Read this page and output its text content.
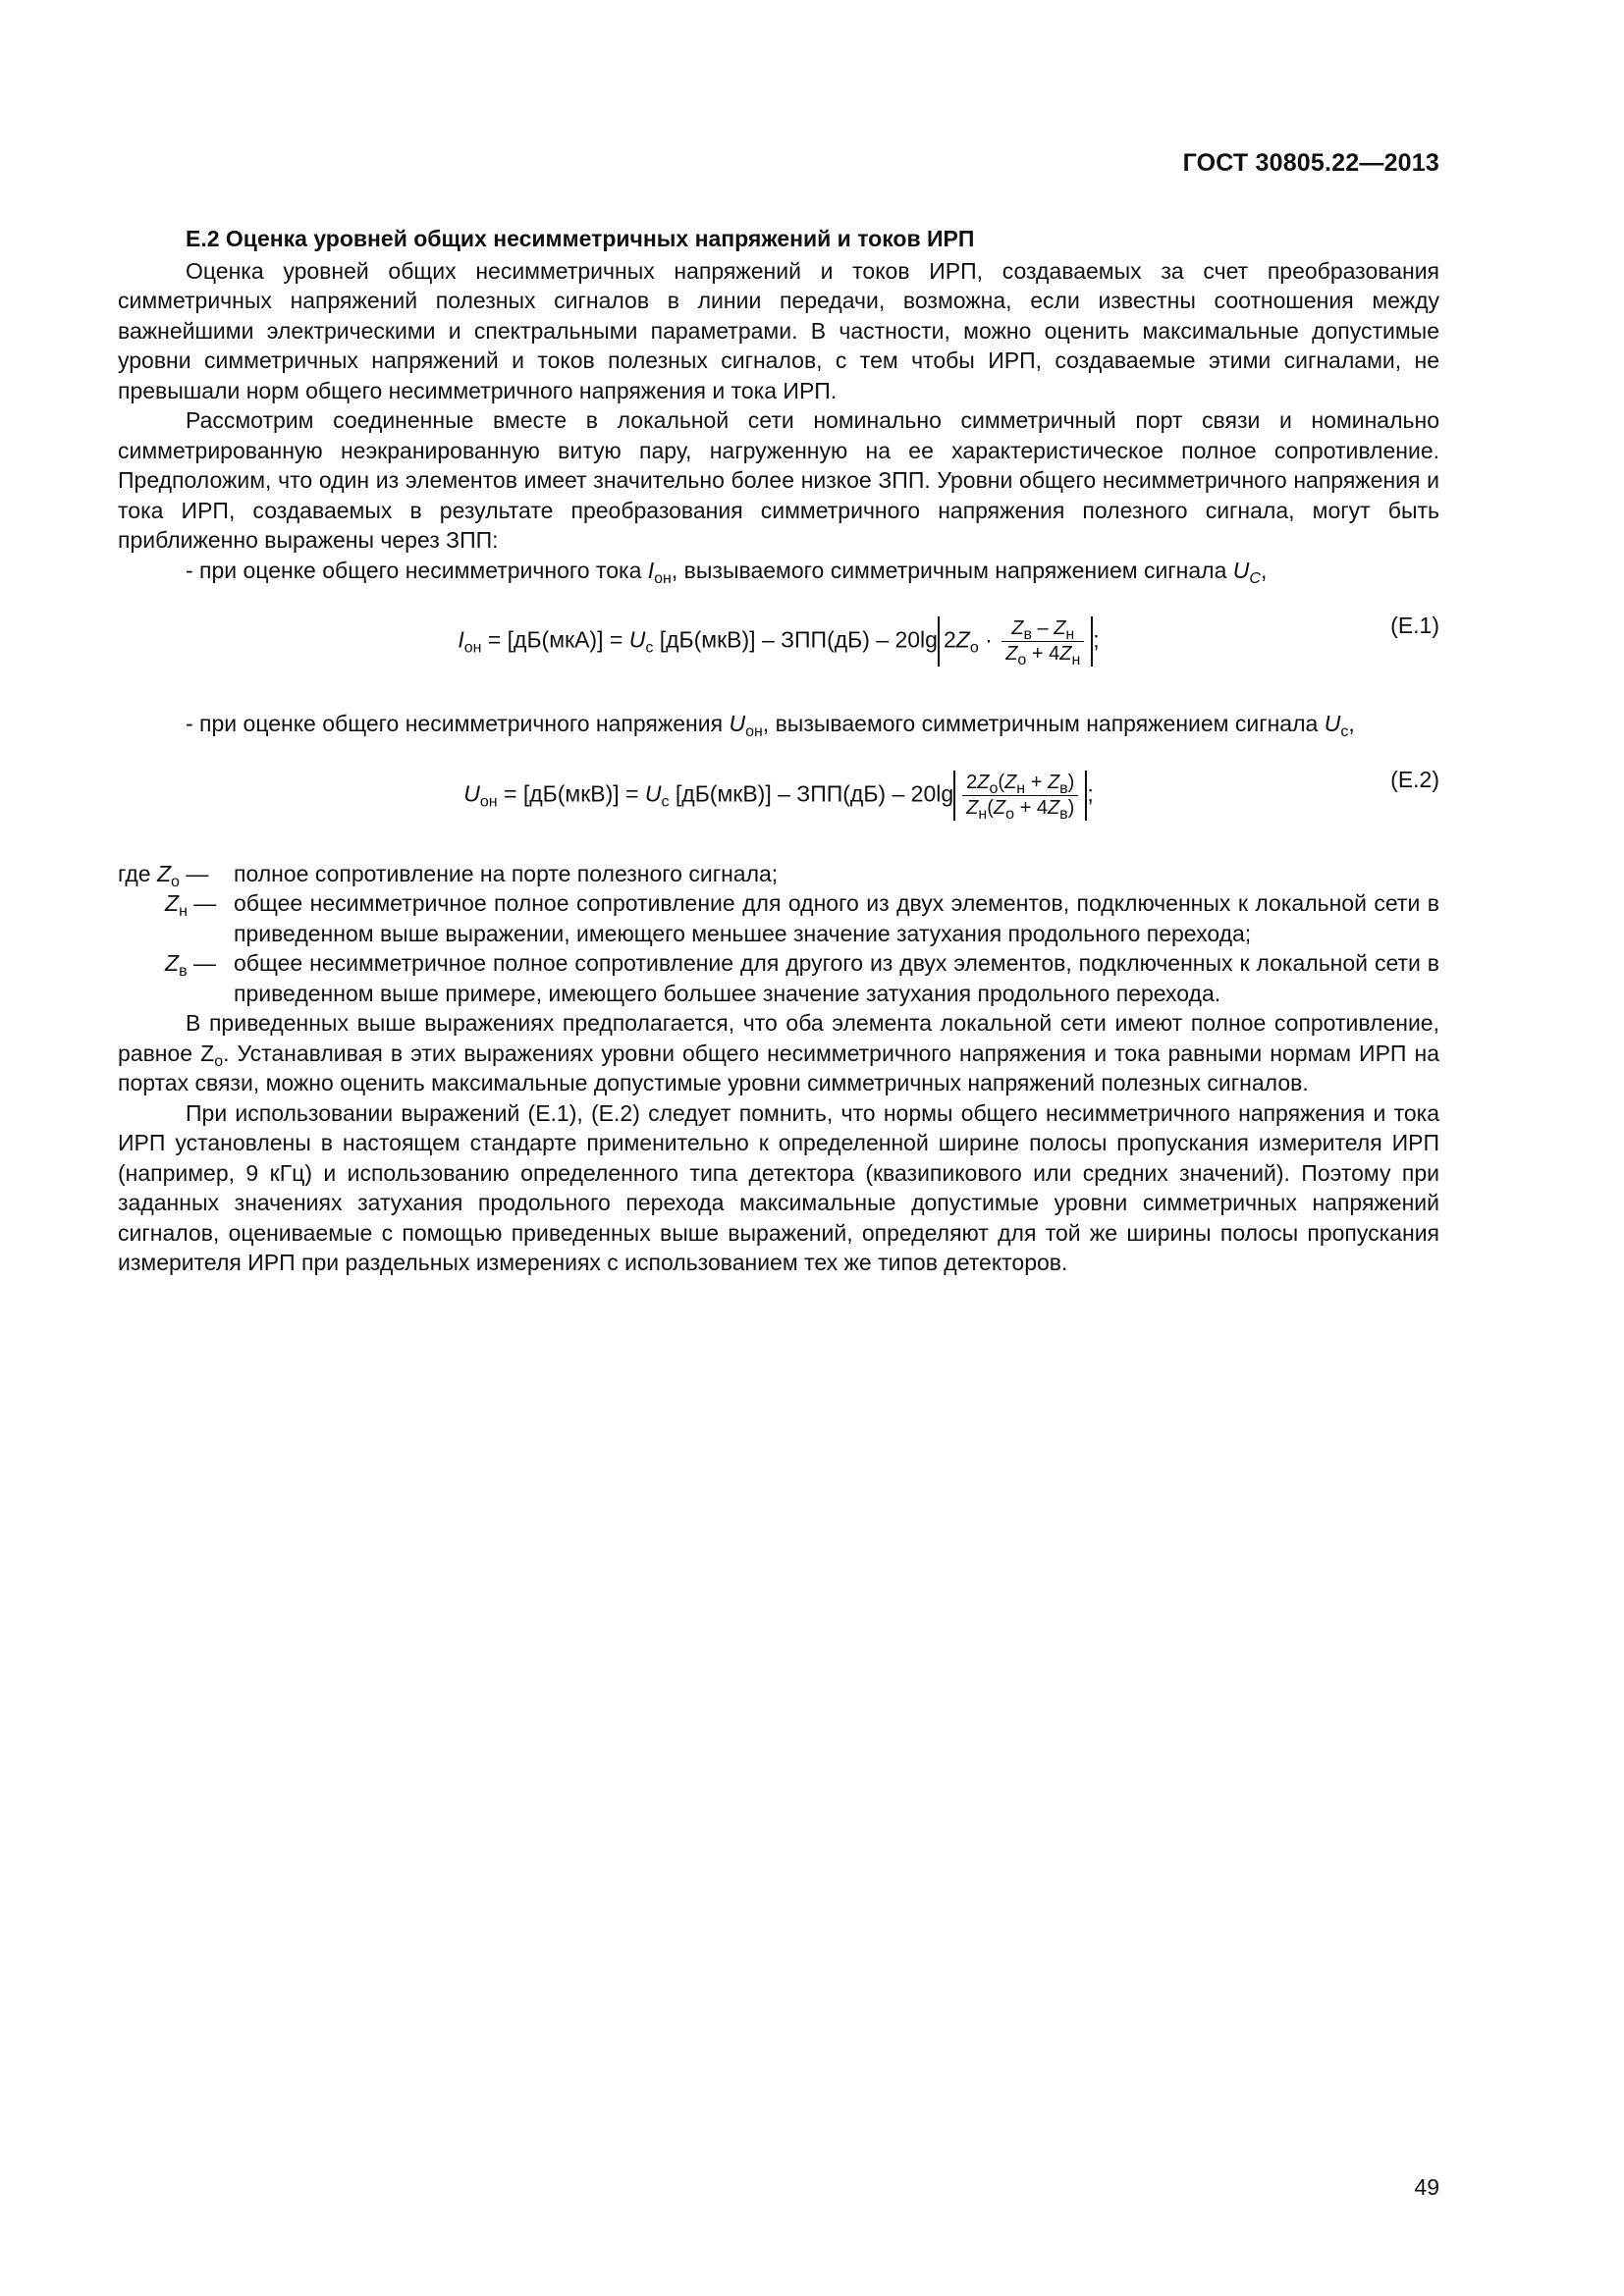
ГОСТ 30805.22—2013

Е.2 Оценка уровней общих несимметричных напряжений и токов ИРП

Оценка уровней общих несимметричных напряжений и токов ИРП, создаваемых за счет преобразования симметричных напряжений полезных сигналов в линии передачи, возможна, если известны соотношения между важнейшими электрическими и спектральными параметрами. В частности, можно оценить максимальные допустимые уровни симметричных напряжений и токов полезных сигналов, с тем чтобы ИРП, создаваемые этими сигналами, не превышали норм общего несимметричного напряжения и тока ИРП.

Рассмотрим соединенные вместе в локальной сети номинально симметричный порт связи и номинально симметрированную неэкранированную витую пару, нагруженную на ее характеристическое полное сопротивление. Предположим, что один из элементов имеет значительно более низкое ЗПП. Уровни общего несимметричного напряжения и тока ИРП, создаваемых в результате преобразования симметричного напряжения полезного сигнала, могут быть приближенно выражены через ЗПП:

- при оценке общего несимметричного тока $I_{он}$, вызываемого симметричным напряжением сигнала $U_С$,

$I_{он} = [дБ(мкА)] = U_c$ [дБ(мкВ)] – ЗПП(дБ) – 20lg $2Z_о \cdot \frac{Z_в - Z_н}{Z_о + 4Z_н}$ ;
(Е.1)

- при оценке общего несимметричного напряжения $U_{он}$, вызываемого симметричным напряжением сигнала $U_c$,

$U_{он} = [дБ(мкВ)] = U_c$ $[дБ(мкВ)] - ЗПП(дБ) - 20\lg \frac{2Z_о(Z_н + Z_в)}{Z_н(Z_о + 4Z_в)}$ ;
(Е.2)

где $Z_о$ —	полное сопротивление на порте полезного сигнала;

$Z_н$ — общее несимметричное полное сопротивление для одного из двух элементов, подключенных к локальной сети в приведенном выше выражении, имеющего меньшее значение затухания продольного перехода;

$Z_в$ — общее несимметричное полное сопротивление для другого из двух элементов, подключенных к локальной сети в приведенном выше примере, имеющего большее значение затухания продольного перехода.

В приведенных выше выражениях предполагается, что оба элемента локальной сети имеют полное сопротивление, равное $Z_о$. Устанавливая в этих выражениях уровни общего несимметричного напряжения и тока равными нормам ИРП на портах связи, можно оценить максимальные допустимые уровни симметричных напряжений полезных сигналов.

При использовании выражений (Е.1), (Е.2) следует помнить, что нормы общего несимметричного напряжения и тока ИРП установлены в настоящем стандарте применительно к определенной ширине полосы пропускания измерителя ИРП (например, 9 кГц) и использованию определенного типа детектора (квазипикового или средних значений). Поэтому при заданных значениях затухания продольного перехода максимальные допустимые уровни симметричных напряжений сигналов, оцениваемые с помощью приведенных выше выражений, определяют для той же ширины полосы пропускания измерителя ИРП при раздельных измерениях с использованием тех же типов детекторов.

49
